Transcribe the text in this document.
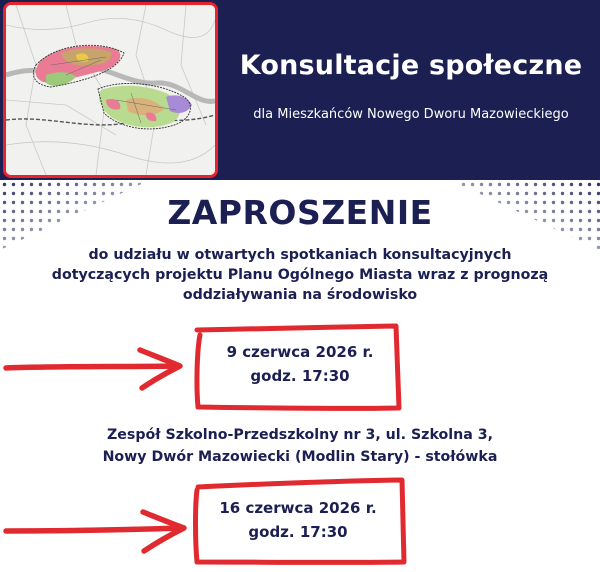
Konsultacje społeczne
dla Mieszkańców Nowego Dworu Mazowieckiego
ZAPROSZENIE
do udziału w otwartych spotkaniach konsultacyjnych
dotyczących projektu Planu Ogólnego Miasta wraz z prognozą
oddziaływania na środowisko
9 czerwca 2026 r.
godz. 17:30
Zespół Szkolno-Przedszkolny nr 3, ul. Szkolna 3,
Nowy Dwór Mazowiecki (Modlin Stary) - stołówka
16 czerwca 2026 r.
godz. 17:30
